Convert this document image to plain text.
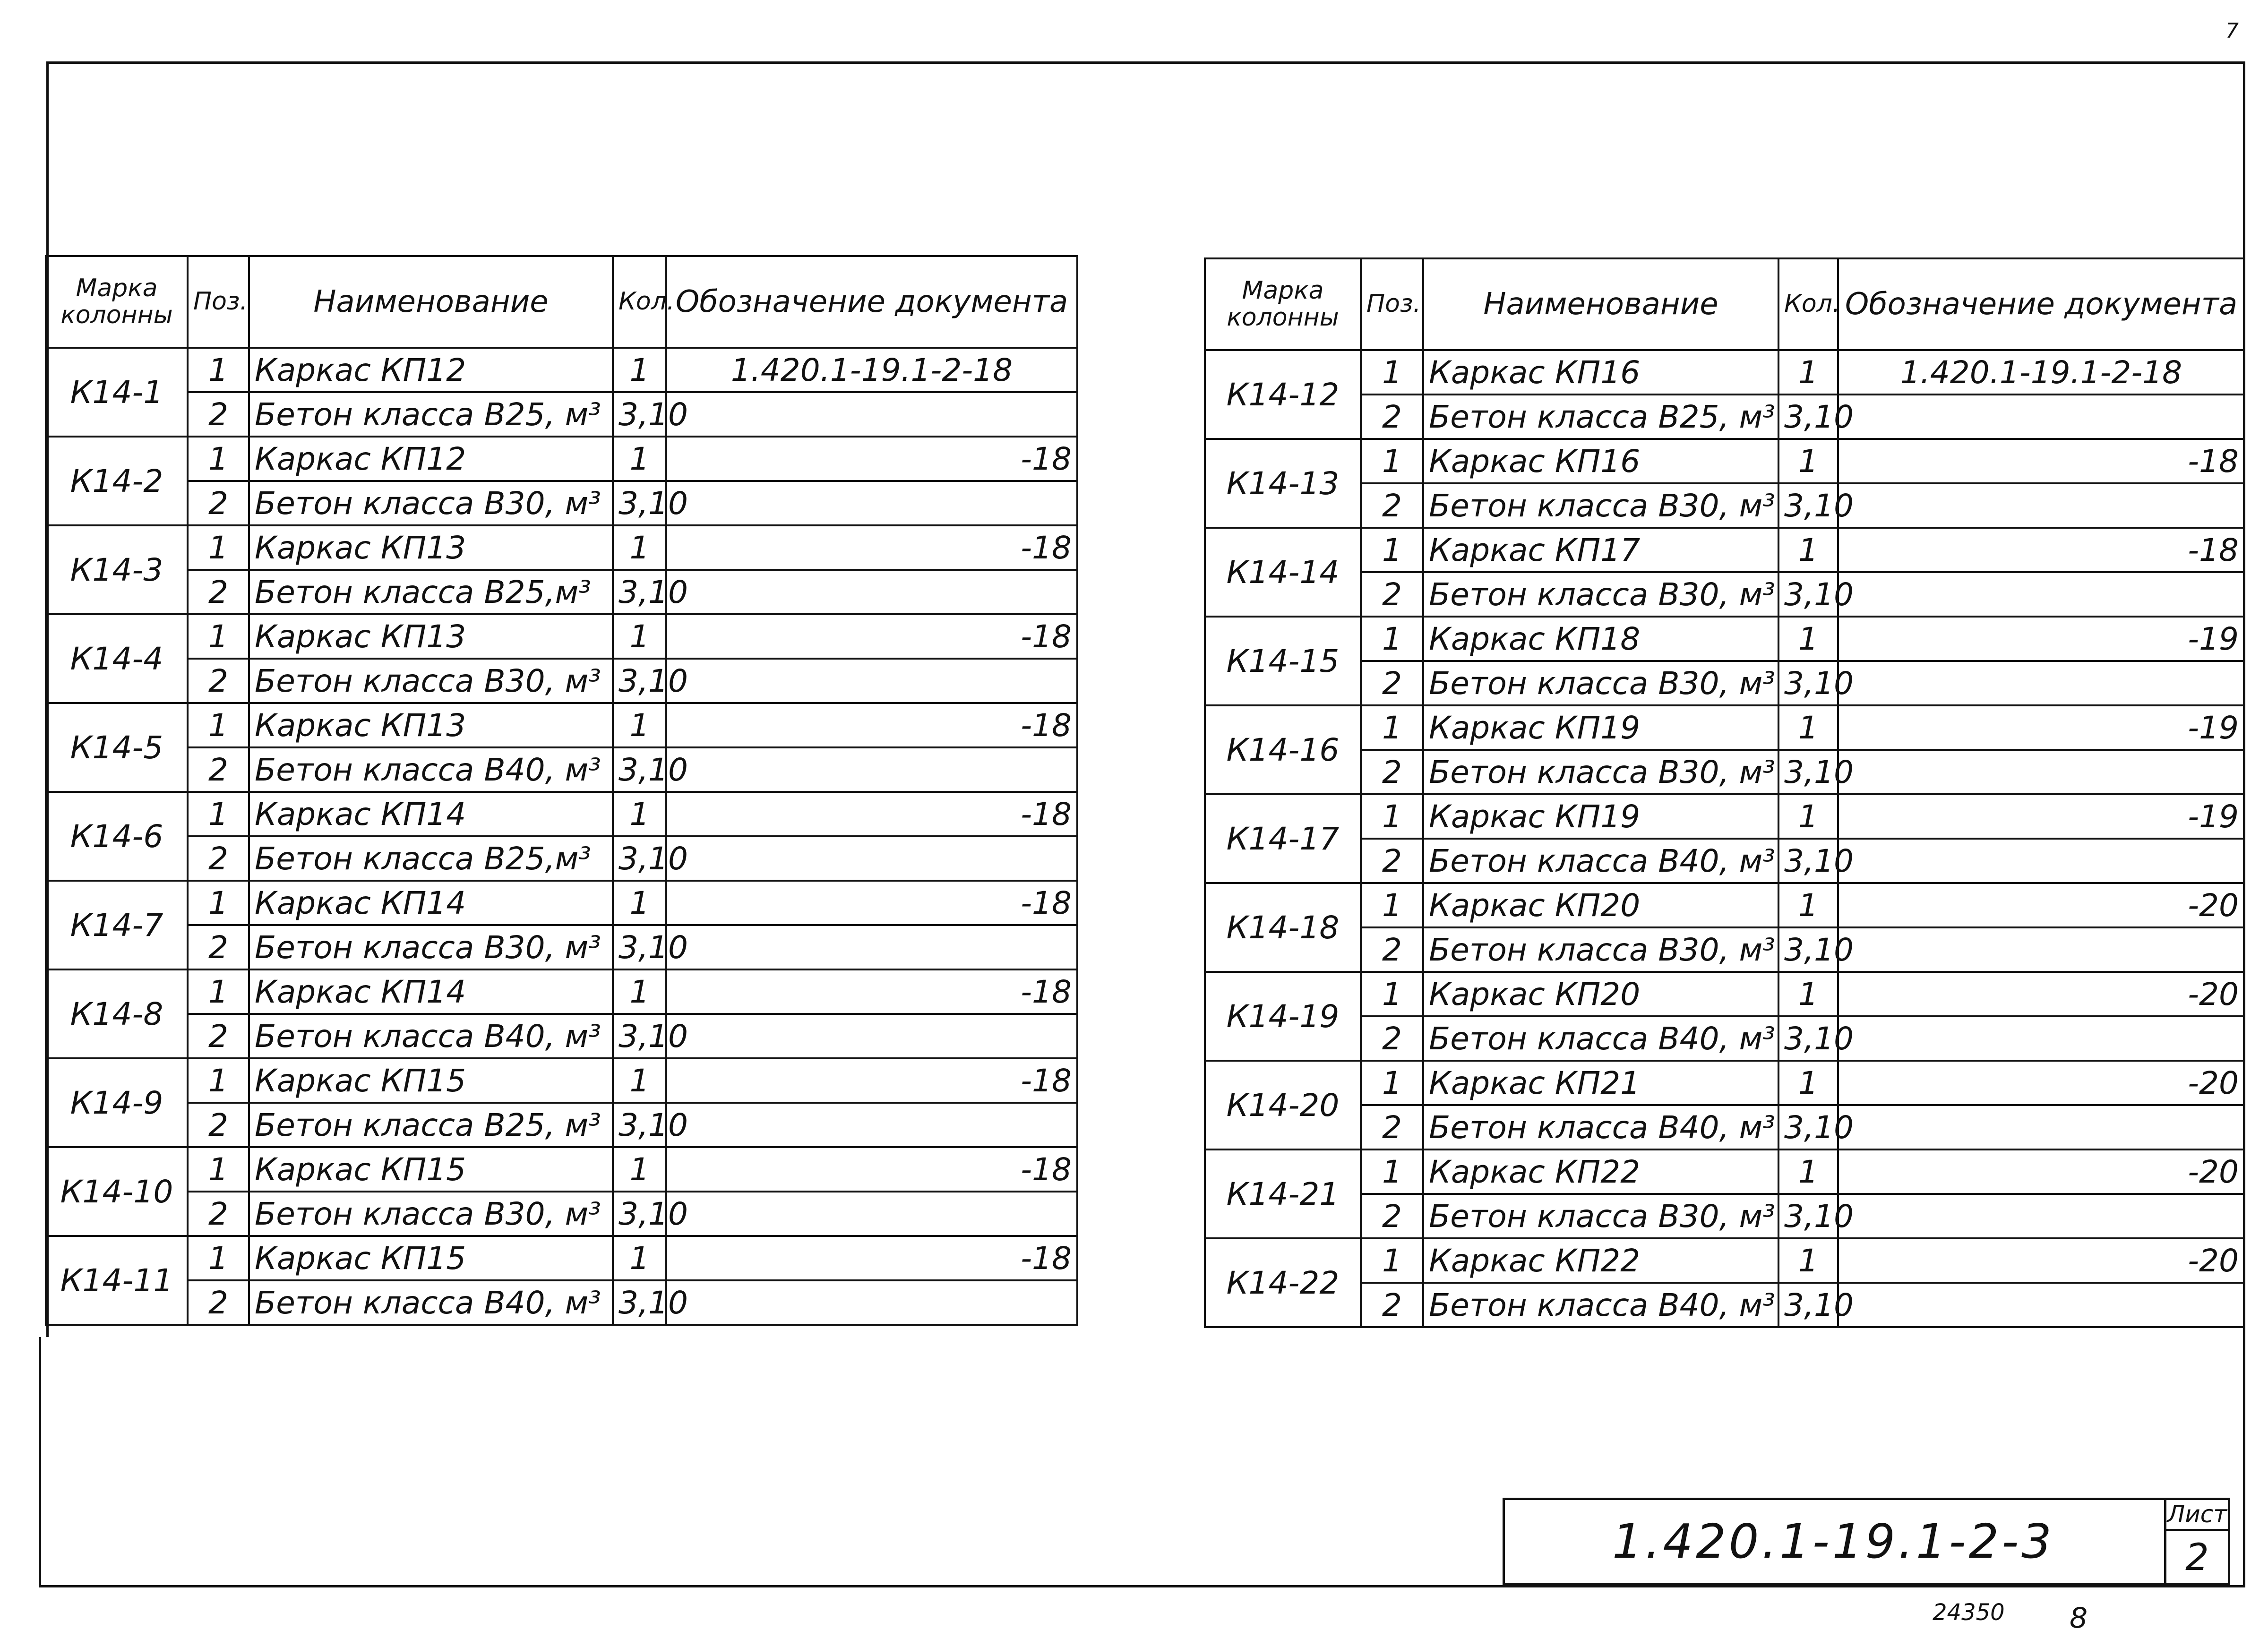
7
Марка колонны	Поз.	Наименование	Кол.	Обозначение документа
К14-1	1	Каркас КП12	1	1.420.1-19.1-2-18
	2	Бетон класса В25, м³	3,10	
К14-2	1	Каркас КП12	1	-18
	2	Бетон класса В30, м³	3,10	
К14-3	1	Каркас КП13	1	-18
	2	Бетон класса В25,м³	3,10	
К14-4	1	Каркас КП13	1	-18
	2	Бетон класса В30, м³	3,10	
К14-5	1	Каркас КП13	1	-18
	2	Бетон класса В40, м³	3,10	
К14-6	1	Каркас КП14	1	-18
	2	Бетон класса В25,м³	3,10	
К14-7	1	Каркас КП14	1	-18
	2	Бетон класса В30, м³	3,10	
К14-8	1	Каркас КП14	1	-18
	2	Бетон класса В40, м³	3,10	
К14-9	1	Каркас КП15	1	-18
	2	Бетон класса В25, м³	3,10	
К14-10	1	Каркас КП15	1	-18
	2	Бетон класса В30, м³	3,10	
К14-11	1	Каркас КП15	1	-18
	2	Бетон класса В40, м³	3,10	
Марка колонны	Поз.	Наименование	Кол.	Обозначение документа
К14-12	1	Каркас КП16	1	1.420.1-19.1-2-18
	2	Бетон класса В25, м³	3,10	
К14-13	1	Каркас КП16	1	-18
	2	Бетон класса В30, м³	3,10	
К14-14	1	Каркас КП17	1	-18
	2	Бетон класса В30, м³	3,10	
К14-15	1	Каркас КП18	1	-19
	2	Бетон класса В30, м³	3,10	
К14-16	1	Каркас КП19	1	-19
	2	Бетон класса В30, м³	3,10	
К14-17	1	Каркас КП19	1	-19
	2	Бетон класса В40, м³	3,10	
К14-18	1	Каркас КП20	1	-20
	2	Бетон класса В30, м³	3,10	
К14-19	1	Каркас КП20	1	-20
	2	Бетон класса В40, м³	3,10	
К14-20	1	Каркас КП21	1	-20
	2	Бетон класса В40, м³	3,10	
К14-21	1	Каркас КП22	1	-20
	2	Бетон класса В30, м³	3,10	
К14-22	1	Каркас КП22	1	-20
	2	Бетон класса В40, м³	3,10	
1.420.1-19.1-2-3	Лист
2
24350 8
